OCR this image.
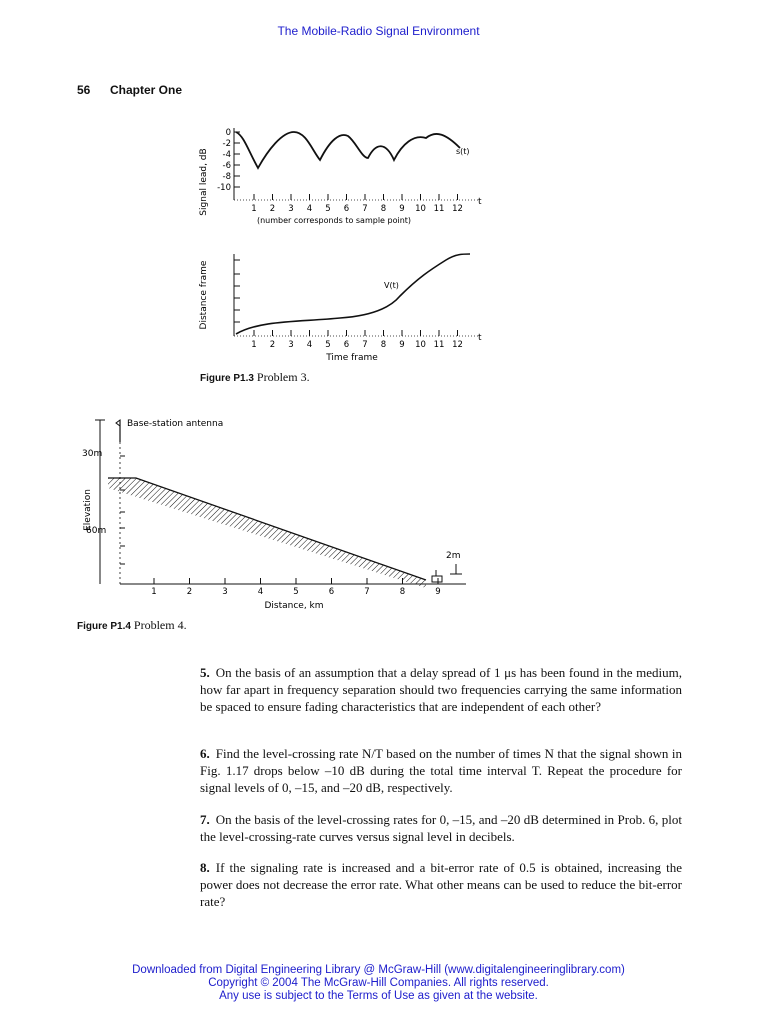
The Mobile-Radio Signal Environment
56 Chapter One
Signal lead, dB
0
-2
-4
-6
-8
-10
t
1 2 3 4 5 6 7 8 9 10 11 12
s(t)
(number corresponds to sample point)
Distance frame
t
1 2 3 4 5 6 7 8 9 10 11 12
V(t)
Time frame
Figure P1.3 Problem 3.
Base-station antenna
30m
Elevation
60m
2m
1	2	3	4	5	6	7	8	9
Distance, km
Figure P1.4 Problem 4.
5. On the basis of an assumption that a delay spread of 1 μs has been found in the medium, how far apart in frequency separation should two frequencies carrying the same information be spaced to ensure fading characteristics that are independent of each other?
6. Find the level-crossing rate N/T based on the number of times N that the signal shown in Fig. 1.17 drops below –10 dB during the total time interval T. Repeat the procedure for signal levels of 0, –15, and –20 dB, respectively.
7. On the basis of the level-crossing rates for 0, –15, and –20 dB determined in Prob. 6, plot the level-crossing-rate curves versus signal level in decibels.
8. If the signaling rate is increased and a bit-error rate of 0.5 is obtained, increasing the power does not decrease the error rate. What other means can be used to reduce the bit-error rate?
Downloaded from Digital Engineering Library @ McGraw-Hill (www.digitalengineeringlibrary.com)
Copyright © 2004 The McGraw-Hill Companies. All rights reserved.
Any use is subject to the Terms of Use as given at the website.
